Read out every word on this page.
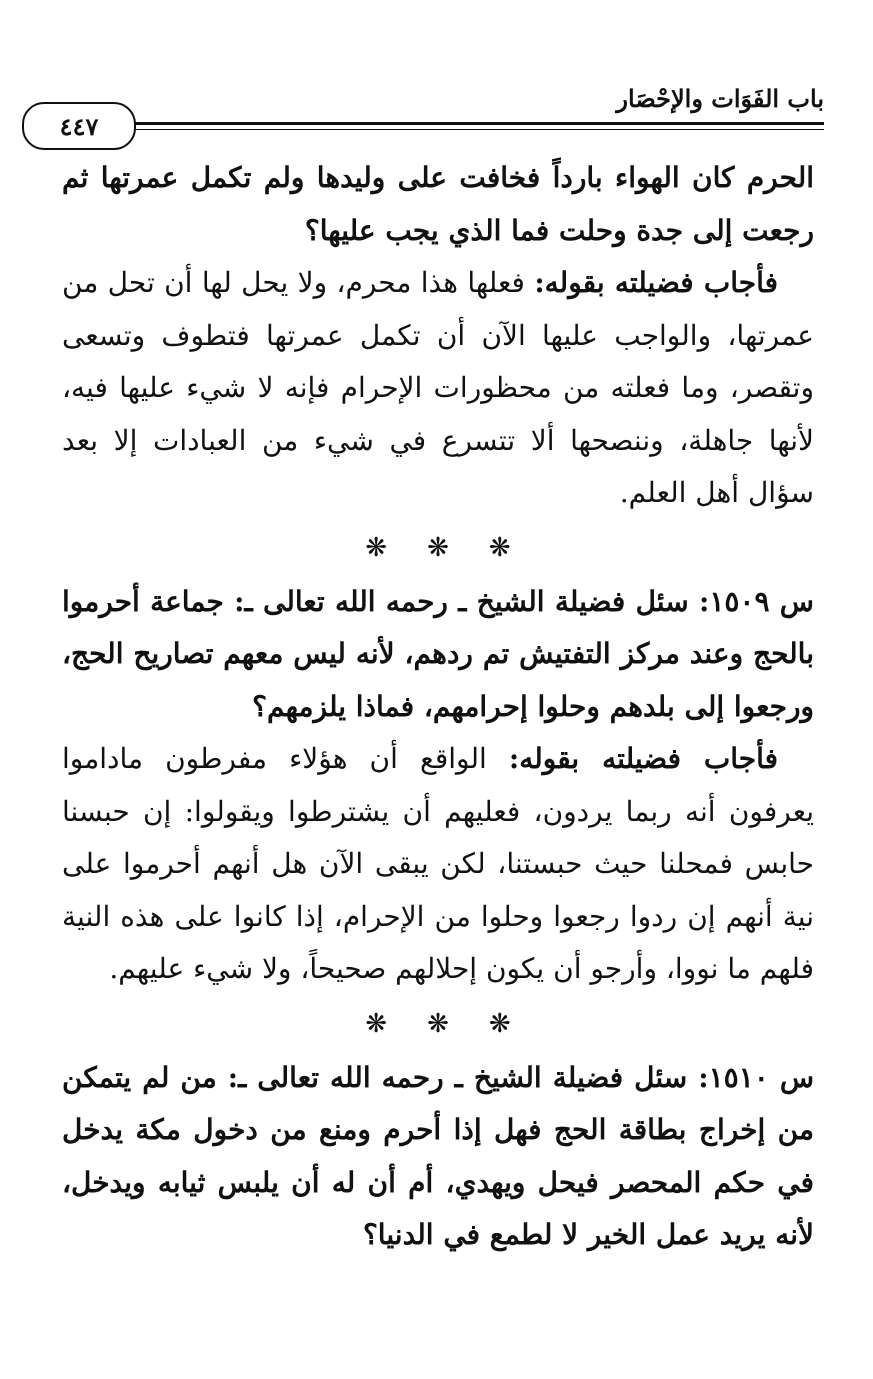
باب الفَوَات والإحْصَار
٤٤٧

الحرم كان الهواء بارداً فخافت على وليدها ولم تكمل عمرتها ثم رجعت إلى جدة وحلت فما الذي يجب عليها؟

فأجاب فضيلته بقوله: فعلها هذا محرم، ولا يحل لها أن تحل من عمرتها، والواجب عليها الآن أن تكمل عمرتها فتطوف وتسعى وتقصر، وما فعلته من محظورات الإحرام فإنه لا شيء عليها فيه، لأنها جاهلة، وننصحها ألا تتسرع في شيء من العبادات إلا بعد سؤال أهل العلم.

❋❋❋

س ١٥٠٩: سئل فضيلة الشيخ ـ رحمه الله تعالى ـ: جماعة أحرموا بالحج وعند مركز التفتيش تم ردهم، لأنه ليس معهم تصاريح الحج، ورجعوا إلى بلدهم وحلوا إحرامهم، فماذا يلزمهم؟

فأجاب فضيلته بقوله: الواقع أن هؤلاء مفرطون ماداموا يعرفون أنه ربما يردون، فعليهم أن يشترطوا ويقولوا: إن حبسنا حابس فمحلنا حيث حبستنا، لكن يبقى الآن هل أنهم أحرموا على نية أنهم إن ردوا رجعوا وحلوا من الإحرام، إذا كانوا على هذه النية فلهم ما نووا، وأرجو أن يكون إحلالهم صحيحاً، ولا شيء عليهم.

❋❋❋

س ١٥١٠: سئل فضيلة الشيخ ـ رحمه الله تعالى ـ: من لم يتمكن من إخراج بطاقة الحج فهل إذا أحرم ومنع من دخول مكة يدخل في حكم المحصر فيحل ويهدي، أم أن له أن يلبس ثيابه ويدخل، لأنه يريد عمل الخير لا لطمع في الدنيا؟
